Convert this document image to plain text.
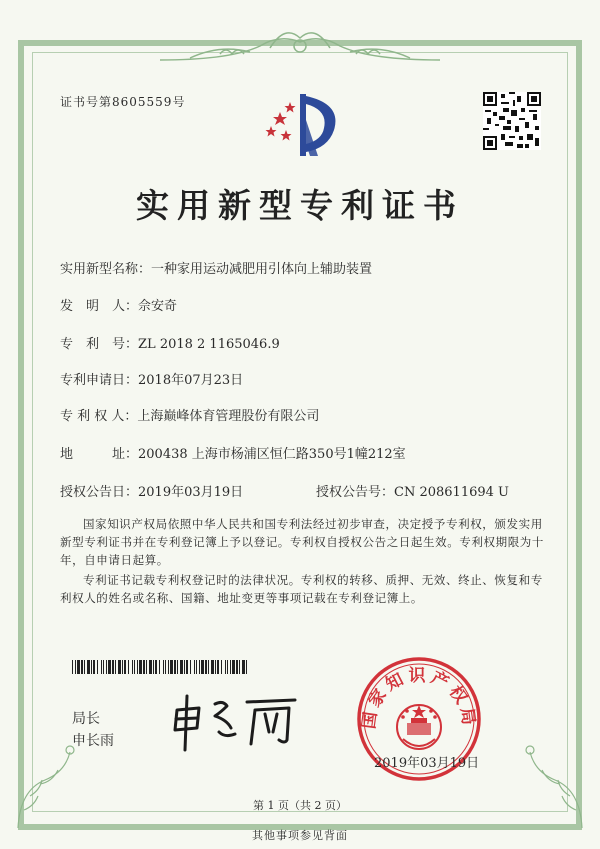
证书号第8605559号
实用新型专利证书
实用新型名称：一种家用运动减肥用引体向上辅助装置
发　明　人：佘安奇
专　利　号：ZL 2018 2 1165046.9
专利申请日：2018年07月23日
专 利 权 人：上海巅峰体育管理股份有限公司
地　　　址：200438 上海市杨浦区恒仁路350号1幢212室
授权公告日：2019年03月19日	授权公告号：CN 208611694 U

国家知识产权局依照中华人民共和国专利法经过初步审查，决定授予专利权，颁发实用新型专利证书并在专利登记簿上予以登记。专利权自授权公告之日起生效。专利权期限为十年，自申请日起算。

专利证书记载专利权登记时的法律状况。专利权的转移、质押、无效、终止、恢复和专利权人的姓名或名称、国籍、地址变更等事项记载在专利登记簿上。

局长
申长雨
国家知识产权局
2019年03月19日
第 1 页（共 2 页）
其他事项参见背面
